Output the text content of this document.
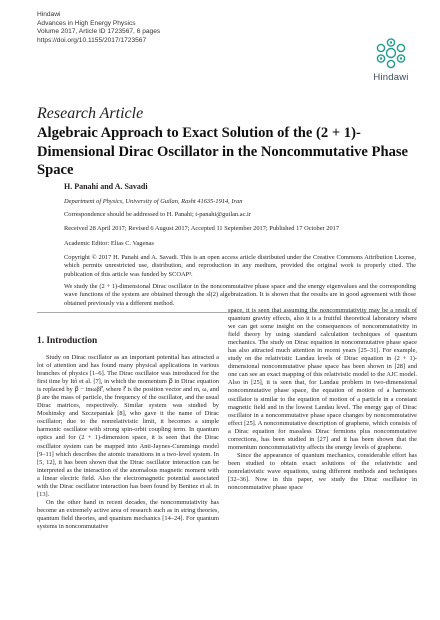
Hindawi
Advances in High Energy Physics
Volume 2017, Article ID 1723567, 6 pages
https://doi.org/10.1155/2017/1723567
Hindawi
Research Article
Algebraic Approach to Exact Solution of the (2 + 1)-Dimensional Dirac Oscillator in the Noncommutative Phase Space
H. Panahi and A. Savadi
Department of Physics, University of Guilan, Rasht 41635-1914, Iran
Correspondence should be addressed to H. Panahi; t-panahi@guilan.ac.ir
Received 28 April 2017; Revised 6 August 2017; Accepted 11 September 2017; Published 17 October 2017
Academic Editor: Elias C. Vagenas
Copyright © 2017 H. Panahi and A. Savadi. This is an open access article distributed under the Creative Commons Attribution License, which permits unrestricted use, distribution, and reproduction in any medium, provided the original work is properly cited. The publication of this article was funded by SCOAP³.
We study the (2 + 1)-dimensional Dirac oscillator in the noncommutative phase space and the energy eigenvalues and the corresponding wave functions of the system are obtained through the sl(2) algebraization. It is shown that the results are in good agreement with those obtained previously via a different method.
1. Introduction

Study on Dirac oscillator as an important potential has attracted a lot of attention and has found many physical applications in various branches of physics [1–6]. The Dirac oscillator was introduced for the first time by Itô et al. [7], in which the momentum p⃗ in Dirac equation is replaced by p⃗ − imωβr⃗, where r⃗ is the position vector and m, ω, and β are the mass of particle, the frequency of the oscillator, and the usual Dirac matrices, respectively. Similar system was studied by Moshinsky and Szczepaniak [8], who gave it the name of Dirac oscillator; due to the nonrelativistic limit, it becomes a simple harmonic oscillator with strong spin-orbit coupling term. In quantum optics and for (2 + 1)-dimension space, it is seen that the Dirac oscillator system can be mapped into Anti-Jaynes-Cummings model [9–11] which describes the atomic transitions in a two-level system. In [5, 12], it has been shown that the Dirac oscillator interaction can be interpreted as the interaction of the anomalous magnetic moment with a linear electric field. Also the electromagnetic potential associated with the Dirac oscillator interaction has been found by Benitez et al. in [13].

On the other hand in recent decades, the noncommutativity has become an extremely active area of research such as in string theories, quantum field theories, and quantum mechanics [14–24]. For quantum systems in noncommutative

space, it is seen that assuming the noncommutativity may be a result of quantum gravity effects, also it is a fruitful theoretical laboratory where we can get some insight on the consequences of noncommutativity in field theory by using standard calculation techniques of quantum mechanics. The study on Dirac equation in noncommutative phase space has also attracted much attention in recent years [25–31]. For example, study on the relativistic Landau levels of Dirac equation in (2 + 1)-dimensional noncommutative phase space has been shown in [28] and one can see an exact mapping of this relativistic model to the AJC model. Also in [25], it is seen that, for Landau problem in two-dimensional noncommutative phase space, the equation of motion of a harmonic oscillator is similar to the equation of motion of a particle in a constant magnetic field and in the lowest Landau level. The energy gap of Dirac oscillator in a noncommutative phase space changes by noncommutative effect [25]. A noncommutative description of graphene, which consists of a Dirac equation for massless Dirac fermions plus noncommutative corrections, has been studied in [27] and it has been shown that the momentum noncommutativity affects the energy levels of graphene.

Since the appearance of quantum mechanics, considerable effort has been studied to obtain exact solutions of the relativistic and nonrelativistic wave equations, using different methods and techniques [32–36]. Now in this paper, we study the Dirac oscillator in noncommutative phase space
